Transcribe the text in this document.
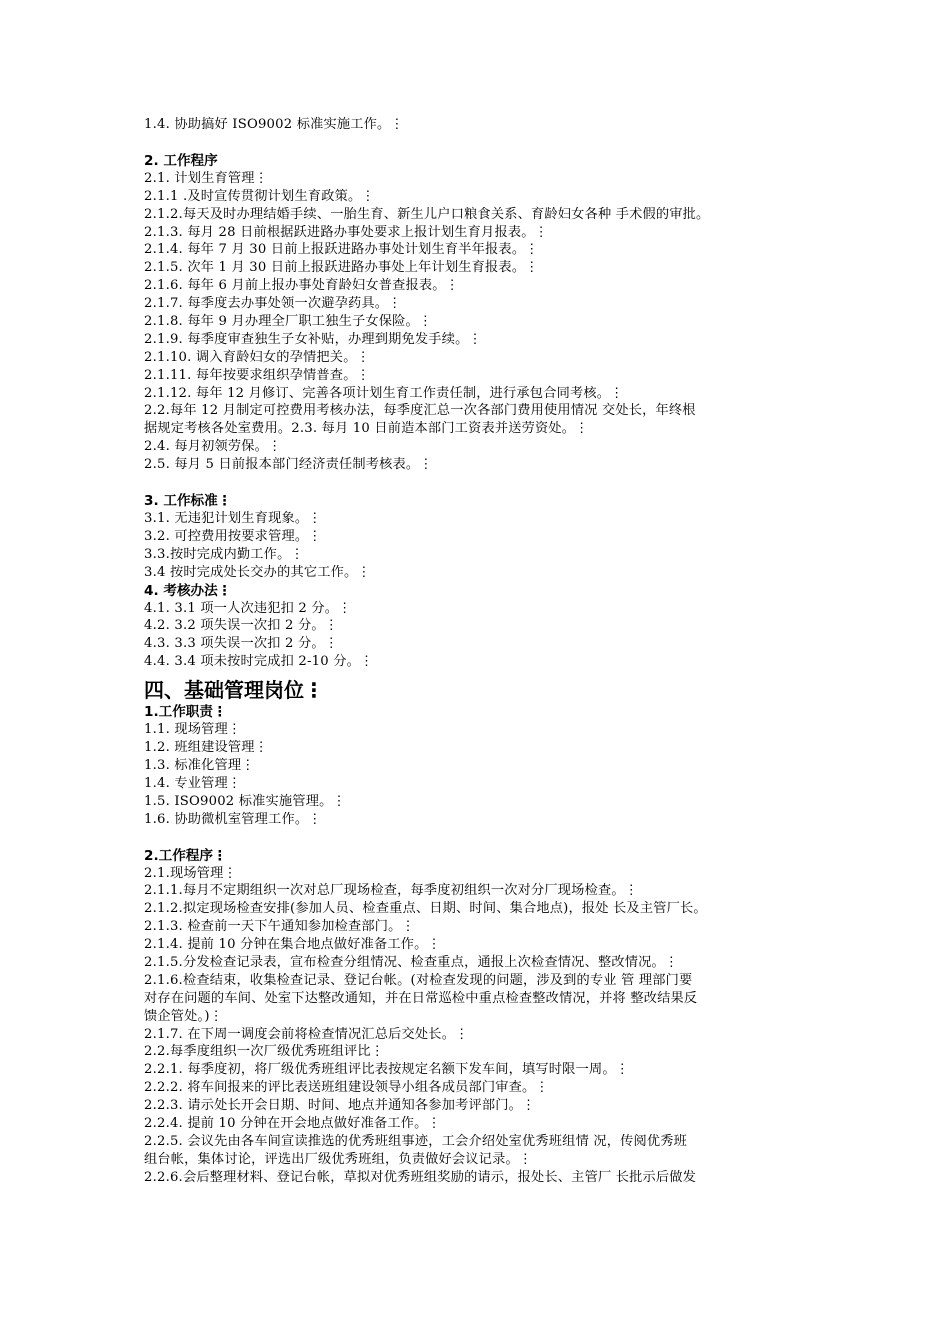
1.4. 协助搞好 ISO9002 标准实施工作。⋮
2. 工作程序
2.1. 计划生育管理⋮
2.1.1 .及时宣传贯彻计划生育政策。⋮
2.1.2.每天及时办理结婚手续、一胎生育、新生儿户口粮食关系、育龄妇女各种 手术假的审批。
2.1.3. 每月 28 日前根据跃进路办事处要求上报计划生育月报表。⋮
2.1.4. 每年 7 月 30 日前上报跃进路办事处计划生育半年报表。⋮
2.1.5. 次年 1 月 30 日前上报跃进路办事处上年计划生育报表。⋮
2.1.6. 每年 6 月前上报办事处育龄妇女普查报表。⋮
2.1.7. 每季度去办事处领一次避孕药具。⋮
2.1.8. 每年 9 月办理全厂职工独生子女保险。⋮
2.1.9. 每季度审查独生子女补贴，办理到期免发手续。⋮
2.1.10. 调入育龄妇女的孕情把关。⋮
2.1.11. 每年按要求组织孕情普查。⋮
2.1.12. 每年 12 月修订、完善各项计划生育工作责任制，进行承包合同考核。⋮
2.2.每年 12 月制定可控费用考核办法，每季度汇总一次各部门费用使用情况 交处长，年终根
据规定考核各处室费用。2.3. 每月 10 日前造本部门工资表并送劳资处。⋮
2.4. 每月初领劳保。⋮
2.5. 每月 5 日前报本部门经济责任制考核表。⋮
3. 工作标准⋮
3.1. 无违犯计划生育现象。⋮
3.2. 可控费用按要求管理。⋮
3.3.按时完成内勤工作。⋮
3.4 按时完成处长交办的其它工作。⋮
4. 考核办法⋮
4.1. 3.1 项一人次违犯扣 2 分。⋮
4.2. 3.2 项失误一次扣 2 分。⋮
4.3. 3.3 项失误一次扣 2 分。⋮
4.4. 3.4 项未按时完成扣 2-10 分。⋮
四、基础管理岗位⋮
1.工作职责⋮
1.1. 现场管理⋮
1.2. 班组建设管理⋮
1.3. 标准化管理⋮
1.4. 专业管理⋮
1.5. ISO9002 标准实施管理。⋮
1.6. 协助微机室管理工作。⋮
2.工作程序⋮
2.1.现场管理⋮
2.1.1.每月不定期组织一次对总厂现场检查，每季度初组织一次对分厂现场检查。⋮
2.1.2.拟定现场检查安排(参加人员、检查重点、日期、时间、集合地点)，报处 长及主管厂长。
2.1.3. 检查前一天下午通知参加检查部门。⋮
2.1.4. 提前 10 分钟在集合地点做好准备工作。⋮
2.1.5.分发检查记录表，宣布检查分组情况、检查重点，通报上次检查情况、整改情况。⋮
2.1.6.检查结束，收集检查记录、登记台帐。(对检查发现的问题，涉及到的专业 管 理部门要
对存在问题的车间、处室下达整改通知，并在日常巡检中重点检查整改情况，并将 整改结果反
馈企管处。)⋮
2.1.7. 在下周一调度会前将检查情况汇总后交处长。⋮
2.2.每季度组织一次厂级优秀班组评比⋮
2.2.1. 每季度初，将厂级优秀班组评比表按规定名额下发车间，填写时限一周。⋮
2.2.2. 将车间报来的评比表送班组建设领导小组各成员部门审查。⋮
2.2.3. 请示处长开会日期、时间、地点并通知各参加考评部门。⋮
2.2.4. 提前 10 分钟在开会地点做好准备工作。⋮
2.2.5. 会议先由各车间宣读推选的优秀班组事迹，工会介绍处室优秀班组情 况，传阅优秀班
组台帐，集体讨论，评选出厂级优秀班组，负责做好会议记录。⋮
2.2.6.会后整理材料、登记台帐，草拟对优秀班组奖励的请示，报处长、主管厂 长批示后做发
